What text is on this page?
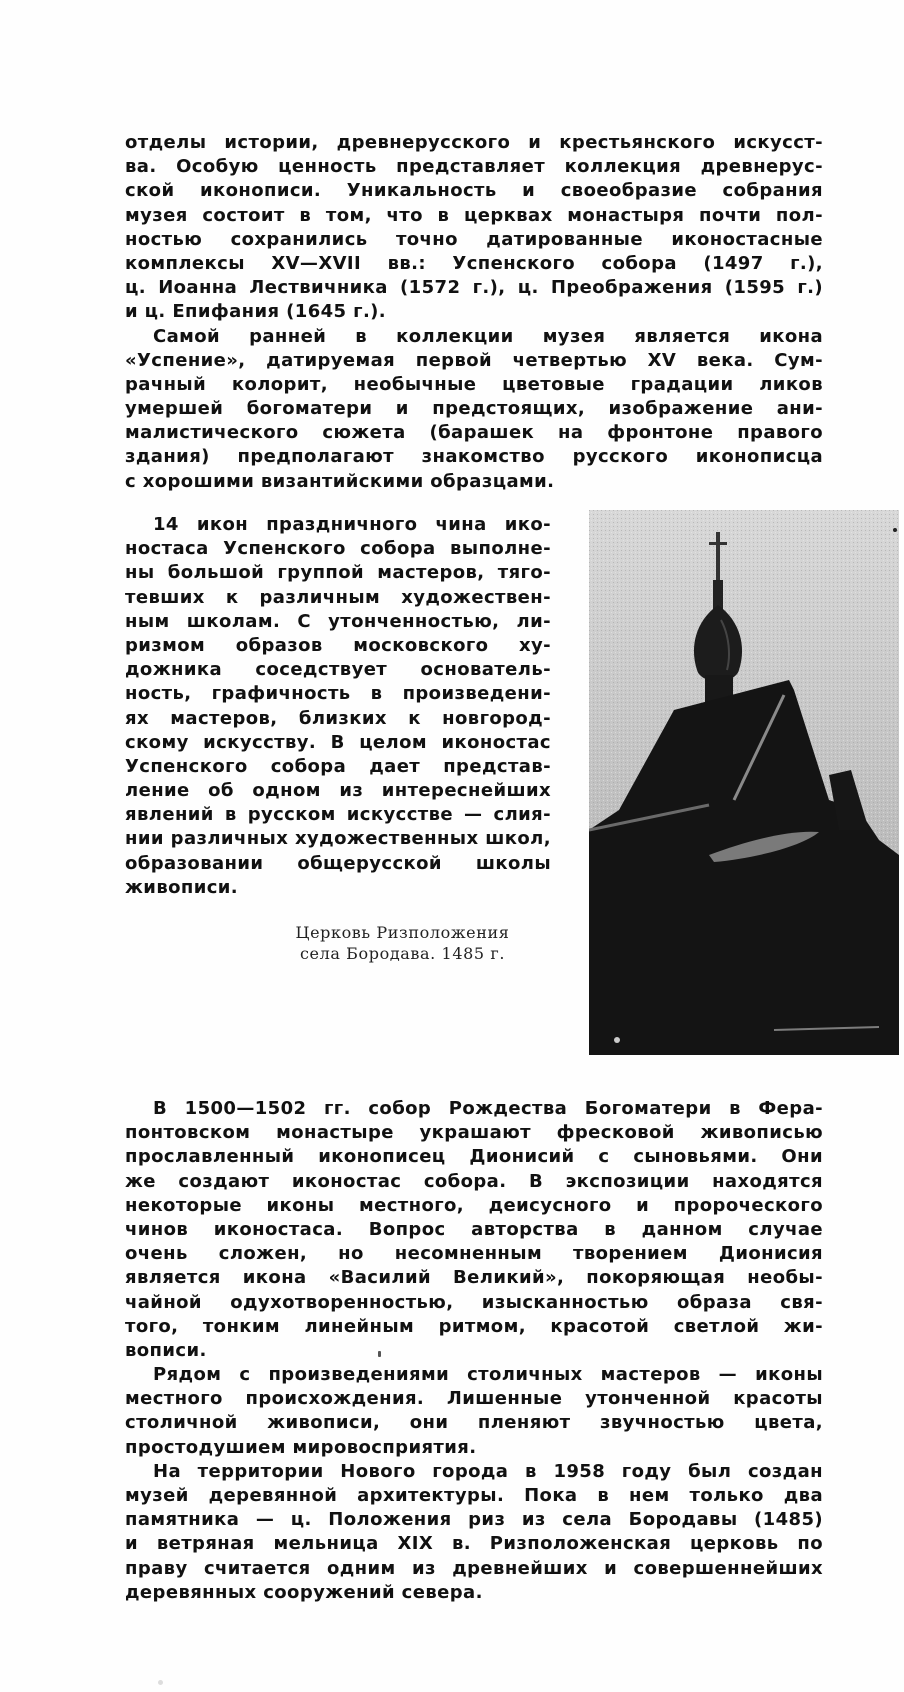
отделы истории, древнерусского и крестьянского искусст-
ва. Особую ценность представляет коллекция древнерус-
ской иконописи. Уникальность и своеобразие собрания
музея состоит в том, что в церквах монастыря почти пол-
ностью сохранились точно датированные иконостасные
комплексы XV—XVII вв.: Успенского собора (1497 г.),
ц. Иоанна Лествичника (1572 г.), ц. Преображения (1595 г.)
и ц. Епифания (1645 г.).
Самой ранней в коллекции музея является икона
«Успение», датируемая первой четвертью XV века. Сум-
рачный колорит, необычные цветовые градации ликов
умершей богоматери и предстоящих, изображение ани-
малистического сюжета (барашек на фронтоне правого
здания) предполагают знакомство русского иконописца
с хорошими византийскими образцами.
14 икон праздничного чина ико-
ностаса Успенского собора выполне-
ны большой группой мастеров, тяго-
тевших к различным художествен-
ным школам. С утонченностью, ли-
ризмом образов московского ху-
дожника соседствует основатель-
ность, графичность в произведени-
ях мастеров, близких к новгород-
скому искусству. В целом иконостас
Успенского собора дает представ-
ление об одном из интереснейших
явлений в русском искусстве — слия-
нии различных художественных школ,
образовании общерусской школы
живописи.
Церковь Ризположения
села Бородава. 1485 г.
В 1500—1502 гг. собор Рождества Богоматери в Фера-
понтовском монастыре украшают фресковой живописью
прославленный иконописец Дионисий с сыновьями. Они
же создают иконостас собора. В экспозиции находятся
некоторые иконы местного, деисусного и пророческого
чинов иконостаса. Вопрос авторства в данном случае
очень сложен, но несомненным творением Дионисия
является икона «Василий Великий», покоряющая необы-
чайной одухотворенностью, изысканностью образа свя-
того, тонким линейным ритмом, красотой светлой жи-
вописи.
Рядом с произведениями столичных мастеров — иконы
местного происхождения. Лишенные утонченной красоты
столичной живописи, они пленяют звучностью цвета,
простодушием мировосприятия.
На территории Нового города в 1958 году был создан
музей деревянной архитектуры. Пока в нем только два
памятника — ц. Положения риз из села Бородавы (1485)
и ветряная мельница XIX в. Ризположенская церковь по
праву считается одним из древнейших и совершеннейших
деревянных сооружений севера.
